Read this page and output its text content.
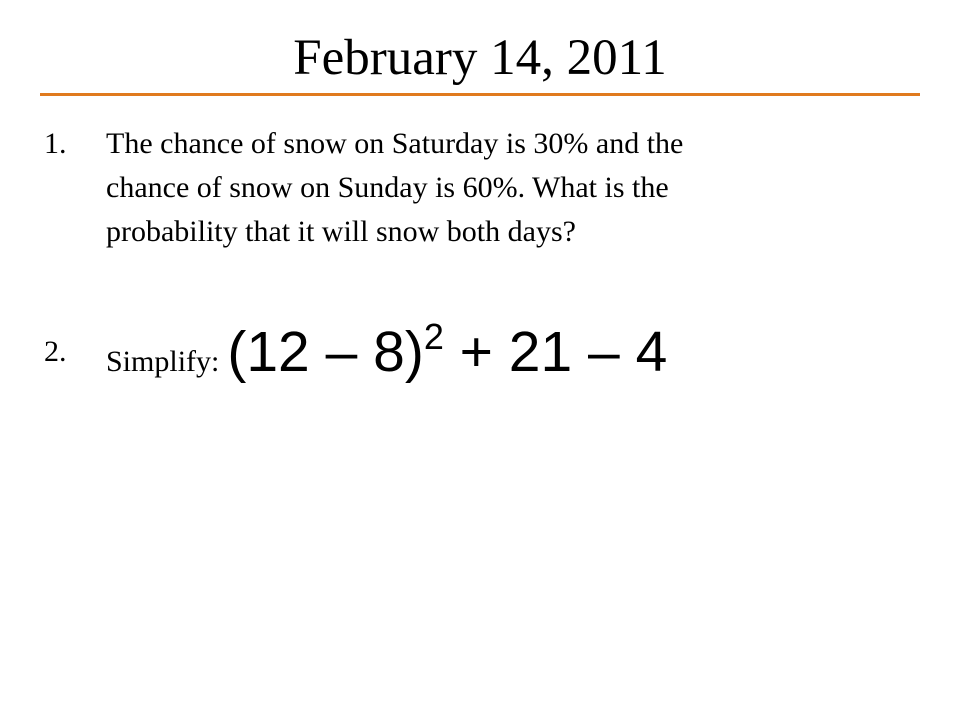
February 14, 2011
1. The chance of snow on Saturday is 30% and the
chance of snow on Sunday is 60%. What is the
probability that it will snow both days?
2. Simplify: (12 – 8)$^2$ + 21 – 4
